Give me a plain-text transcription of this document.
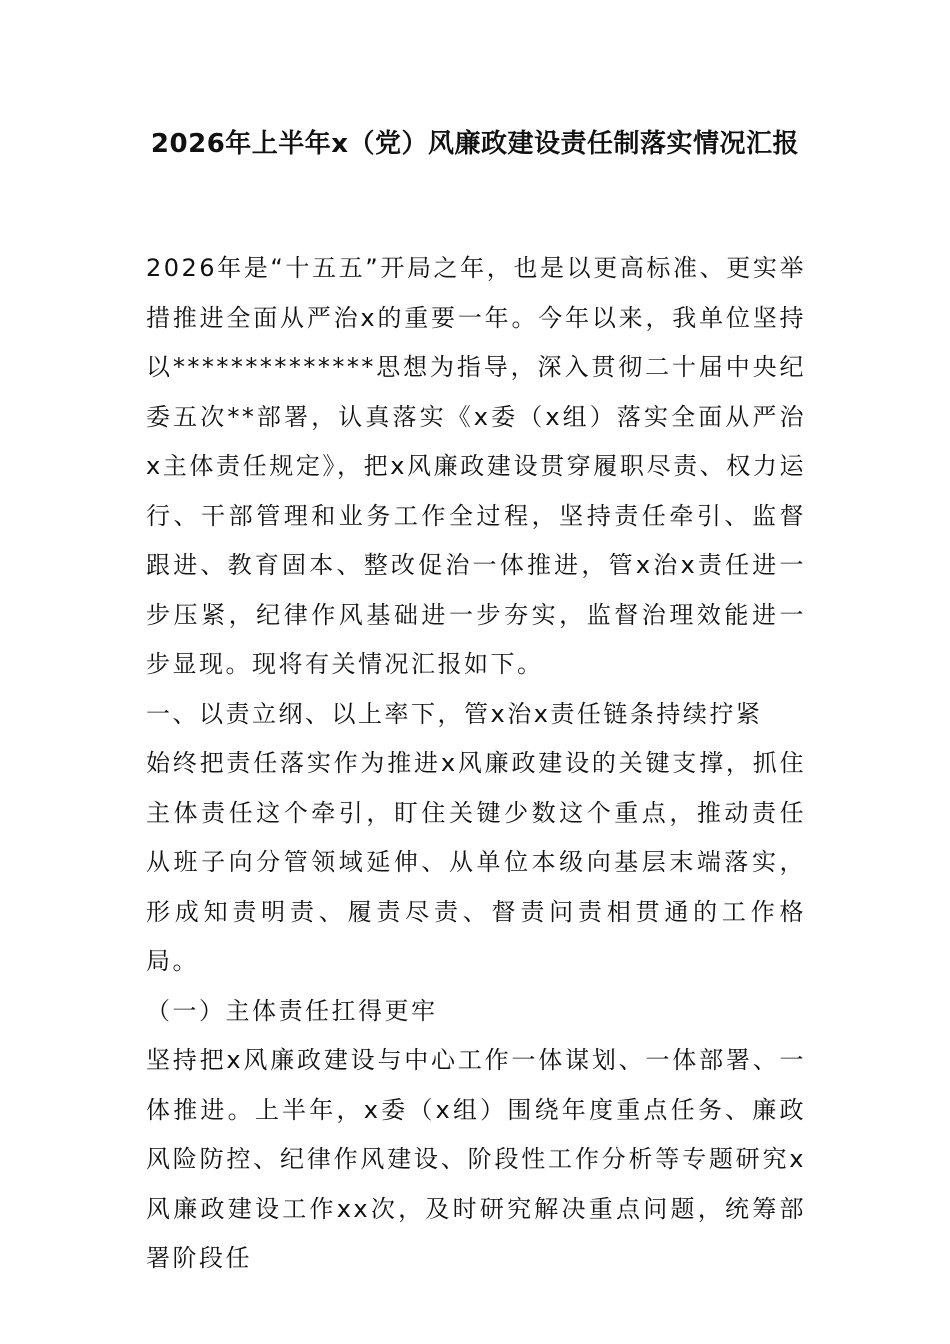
2026年上半年x（党）风廉政建设责任制落实情况汇报

2026年是“十五五”开局之年，也是以更高标准、更实举措推进全面从严治x的重要一年。今年以来，我单位坚持以**************思想为指导，深入贯彻二十届中央纪委五次**部署，认真落实《x委（x组）落实全面从严治x主体责任规定》，把x风廉政建设贯穿履职尽责、权力运行、干部管理和业务工作全过程，坚持责任牵引、监督跟进、教育固本、整改促治一体推进，管x治x责任进一步压紧，纪律作风基础进一步夯实，监督治理效能进一步显现。现将有关情况汇报如下。

一、以责立纲、以上率下，管x治x责任链条持续拧紧

始终把责任落实作为推进x风廉政建设的关键支撑，抓住主体责任这个牵引，盯住关键少数这个重点，推动责任从班子向分管领域延伸、从单位本级向基层末端落实，形成知责明责、履责尽责、督责问责相贯通的工作格局。

（一）主体责任扛得更牢

坚持把x风廉政建设与中心工作一体谋划、一体部署、一体推进。上半年，x委（x组）围绕年度重点任务、廉政风险防控、纪律作风建设、阶段性工作分析等专题研究x风廉政建设工作xx次，及时研究解决重点问题，统筹部署阶段任
